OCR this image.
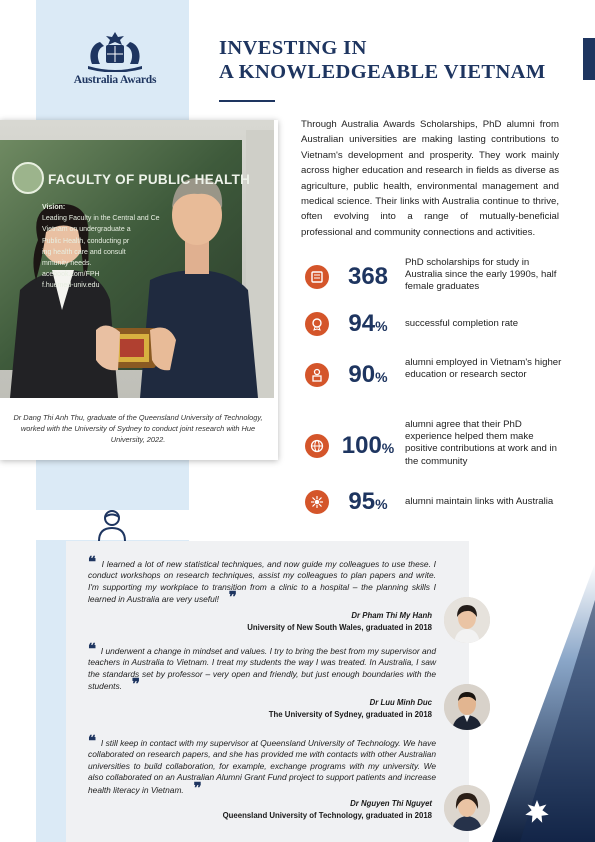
Australia Awards
INVESTING IN
A KNOWLEDGEABLE VIETNAM
Through Australia Awards Scholarships, PhD alumni from Australian universities are making lasting contributions to Vietnam's development and prosperity. They work mainly across higher education and research in fields as diverse as agriculture, public health, environmental management and medical science. Their links with Australia continue to thrive, often evolving into a range of mutually-beneficial professional and community connections and activities.
FACULTY OF PUBLIC HEALTH
Vision:
Leading Faculty in the Central and Ce
Vietnam on undergraduate a
Public Health, conducting pr
ing health care and consult
mmunity needs.
acebook.com/FPH
f.huemed-univ.edu
Dr Dang Thi Anh Thu, graduate of the Queensland University of Technology, worked with the University of Sydney to conduct joint research with Hue University, 2022.
368
PhD scholarships for study in Australia since the early 1990s, half female graduates
94%	successful completion rate
90%
alumni employed in Vietnam's higher education or research sector
100%
alumni agree that their PhD experience helped them make positive contributions at work and in the community
95%	alumni maintain links with Australia
❝ I learned a lot of new statistical techniques, and now guide my colleagues to use these. I conduct workshops on research techniques, assist my colleagues to plan papers and write. I'm supporting my workplace to transition from a clinic to a hospital – the planning skills I learned in Australia are very useful!   ❞
Dr Pham Thi My Hanh
University of New South Wales, graduated in 2018
❝ I underwent a change in mindset and values. I try to bring the best from my supervisor and teachers in Australia to Vietnam. I treat my students the way I was treated. In Australia, I saw the standards set by professor – very open and friendly, but just enough boundaries with the students.   ❞
Dr Luu Minh Duc
The University of Sydney, graduated in 2018
❝ I still keep in contact with my supervisor at Queensland University of Technology. We have collaborated on research papers, and she has provided me with contacts with other Australian universities to build collaboration, for example, exchange programs with my university. We also collaborated on an Australian Alumni Grant Fund project to support patients and increase health literacy in Vietnam.   ❞
Dr Nguyen Thi Nguyet
Queensland University of Technology, graduated in 2018
